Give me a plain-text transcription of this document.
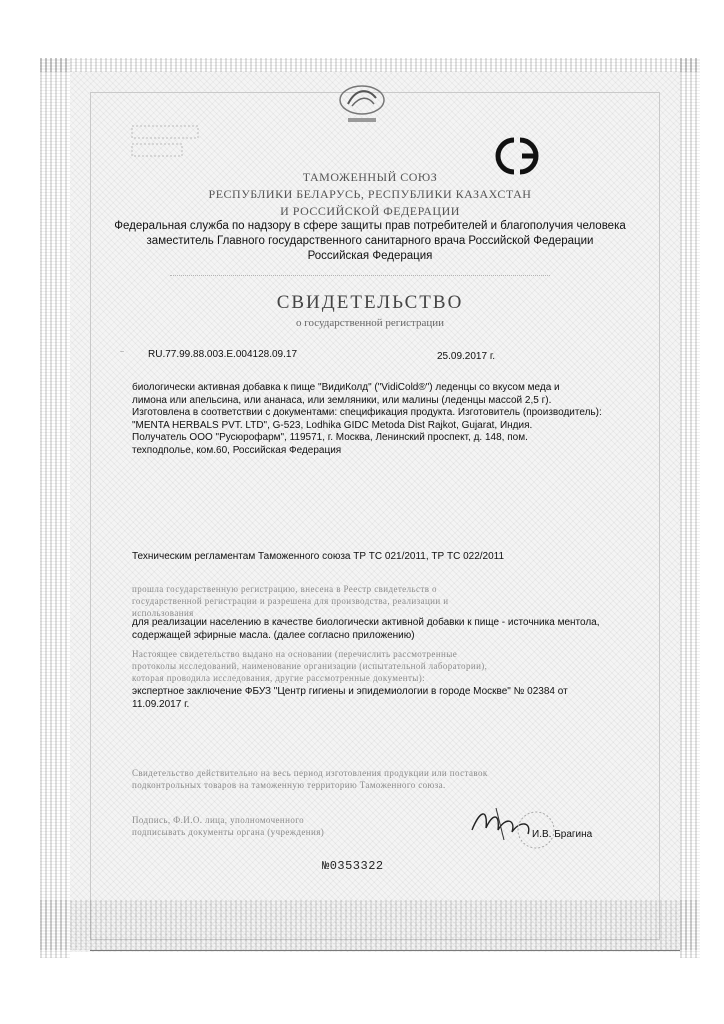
ТАМОЖЕННЫЙ СОЮЗ
РЕСПУБЛИКИ БЕЛАРУСЬ, РЕСПУБЛИКИ КАЗАХСТАН
И РОССИЙСКОЙ ФЕДЕРАЦИИ
Федеральная служба по надзору в сфере защиты прав потребителей и благополучия человека
заместитель Главного государственного санитарного врача Российской Федерации
Российская Федерация
СВИДЕТЕЛЬСТВО
о государственной регистрации
~ RU.77.99.88.003.E.004128.09.17	25.09.2017 г.
биологически активная добавка к пище "ВидиКолд" ("VidiCold®") леденцы со вкусом меда и
лимона или апельсина, или ананаса, или земляники, или малины (леденцы массой 2,5 г).
Изготовлена в соответствии с документами: спецификация продукта. Изготовитель (производитель):
"MENTA HERBALS PVT. LTD", G-523, Lodhika GIDC Metoda Dist Rajkot, Gujarat, Индия.
Получатель ООО "Русюрофарм", 119571, г. Москва, Ленинский проспект, д. 148, пом.
техподполье, ком.60, Российская Федерация
Техническим регламентам Таможенного союза ТР ТС 021/2011, ТР ТС 022/2011
прошла государственную регистрацию, внесена в Реестр свидетельств о
государственной регистрации и разрешена для производства, реализации и
использования
для реализации населению в качестве биологически активной добавки к пище - источника ментола,
содержащей эфирные масла. (далее согласно приложению)
Настоящее свидетельство выдано на основании (перечислить рассмотренные
протоколы исследований, наименование организации (испытательной лаборатории),
которая проводила исследования, другие рассмотренные документы):
экспертное заключение ФБУЗ "Центр гигиены и эпидемиологии в городе Москве" № 02384 от
11.09.2017 г.
Свидетельство действительно на весь период изготовления продукции или поставок
подконтрольных товаров на таможенную территорию Таможенного союза.
Подпись, Ф.И.О. лица, уполномоченного
подписывать документы органа (учреждения)	И.В. Брагина
№0353322
